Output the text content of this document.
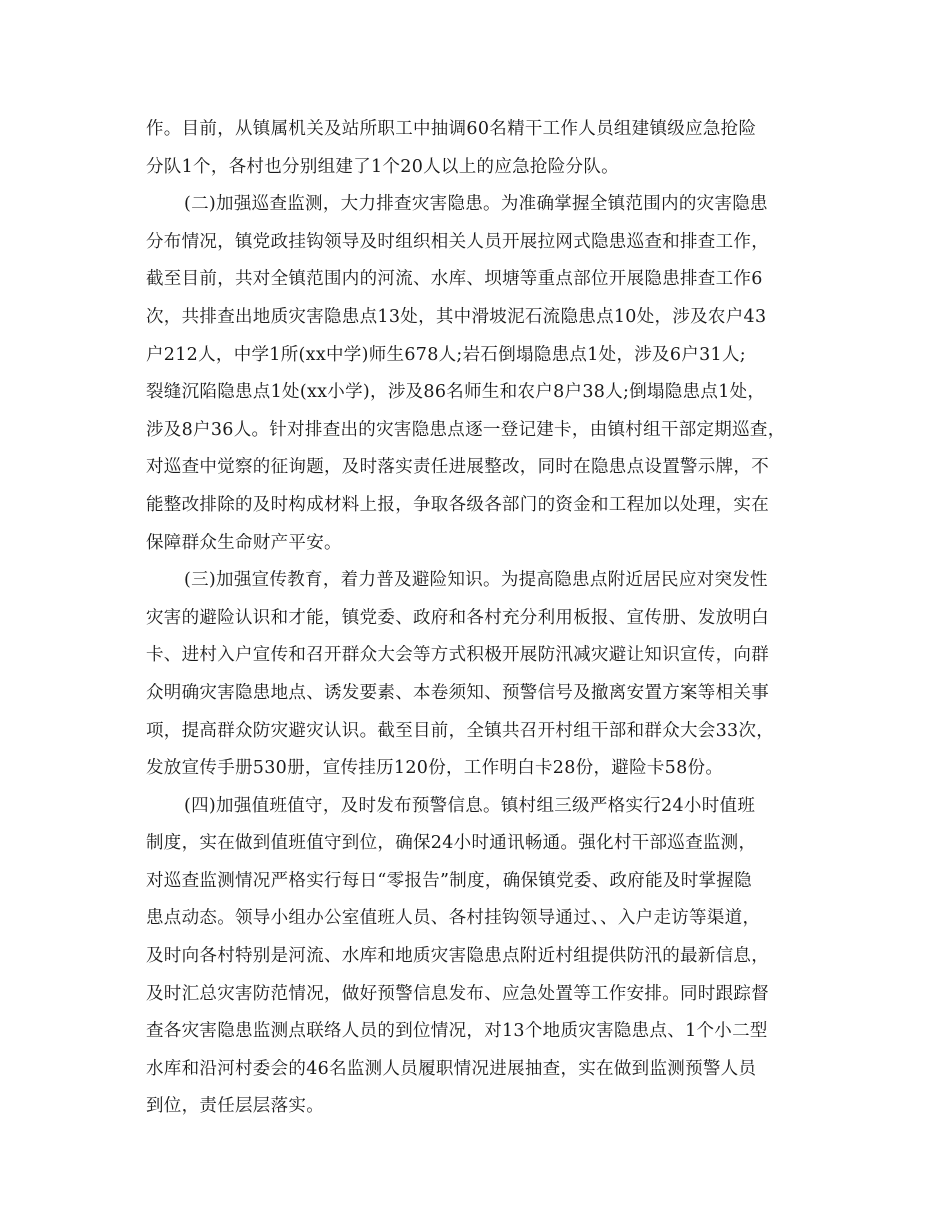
作。目前，从镇属机关及站所职工中抽调60名精干工作人员组建镇级应急抢险
分队1个，各村也分别组建了1个20人以上的应急抢险分队。
(二)加强巡查监测，大力排查灾害隐患。为准确掌握全镇范围内的灾害隐患
分布情况，镇党政挂钩领导及时组织相关人员开展拉网式隐患巡查和排查工作，
截至目前，共对全镇范围内的河流、水库、坝塘等重点部位开展隐患排查工作6
次，共排查出地质灾害隐患点13处，其中滑坡泥石流隐患点10处，涉及农户43
户212人，中学1所(xx中学)师生678人;岩石倒塌隐患点1处，涉及6户31人;
裂缝沉陷隐患点1处(xx小学)，涉及86名师生和农户8户38人;倒塌隐患点1处，
涉及8户36人。针对排查出的灾害隐患点逐一登记建卡，由镇村组干部定期巡查，
对巡查中觉察的征询题，及时落实责任进展整改，同时在隐患点设置警示牌，不
能整改排除的及时构成材料上报，争取各级各部门的资金和工程加以处理，实在
保障群众生命财产平安。
(三)加强宣传教育，着力普及避险知识。为提高隐患点附近居民应对突发性
灾害的避险认识和才能，镇党委、政府和各村充分利用板报、宣传册、发放明白
卡、进村入户宣传和召开群众大会等方式积极开展防汛减灾避让知识宣传，向群
众明确灾害隐患地点、诱发要素、本卷须知、预警信号及撤离安置方案等相关事
项，提高群众防灾避灾认识。截至目前，全镇共召开村组干部和群众大会33次，
发放宣传手册530册，宣传挂历120份，工作明白卡28份，避险卡58份。
(四)加强值班值守，及时发布预警信息。镇村组三级严格实行24小时值班
制度，实在做到值班值守到位，确保24小时通讯畅通。强化村干部巡查监测，
对巡查监测情况严格实行每日“零报告”制度，确保镇党委、政府能及时掌握隐
患点动态。领导小组办公室值班人员、各村挂钩领导通过、、入户走访等渠道，
及时向各村特别是河流、水库和地质灾害隐患点附近村组提供防汛的最新信息，
及时汇总灾害防范情况，做好预警信息发布、应急处置等工作安排。同时跟踪督
查各灾害隐患监测点联络人员的到位情况，对13个地质灾害隐患点、1个小二型
水库和沿河村委会的46名监测人员履职情况进展抽查，实在做到监测预警人员
到位，责任层层落实。
